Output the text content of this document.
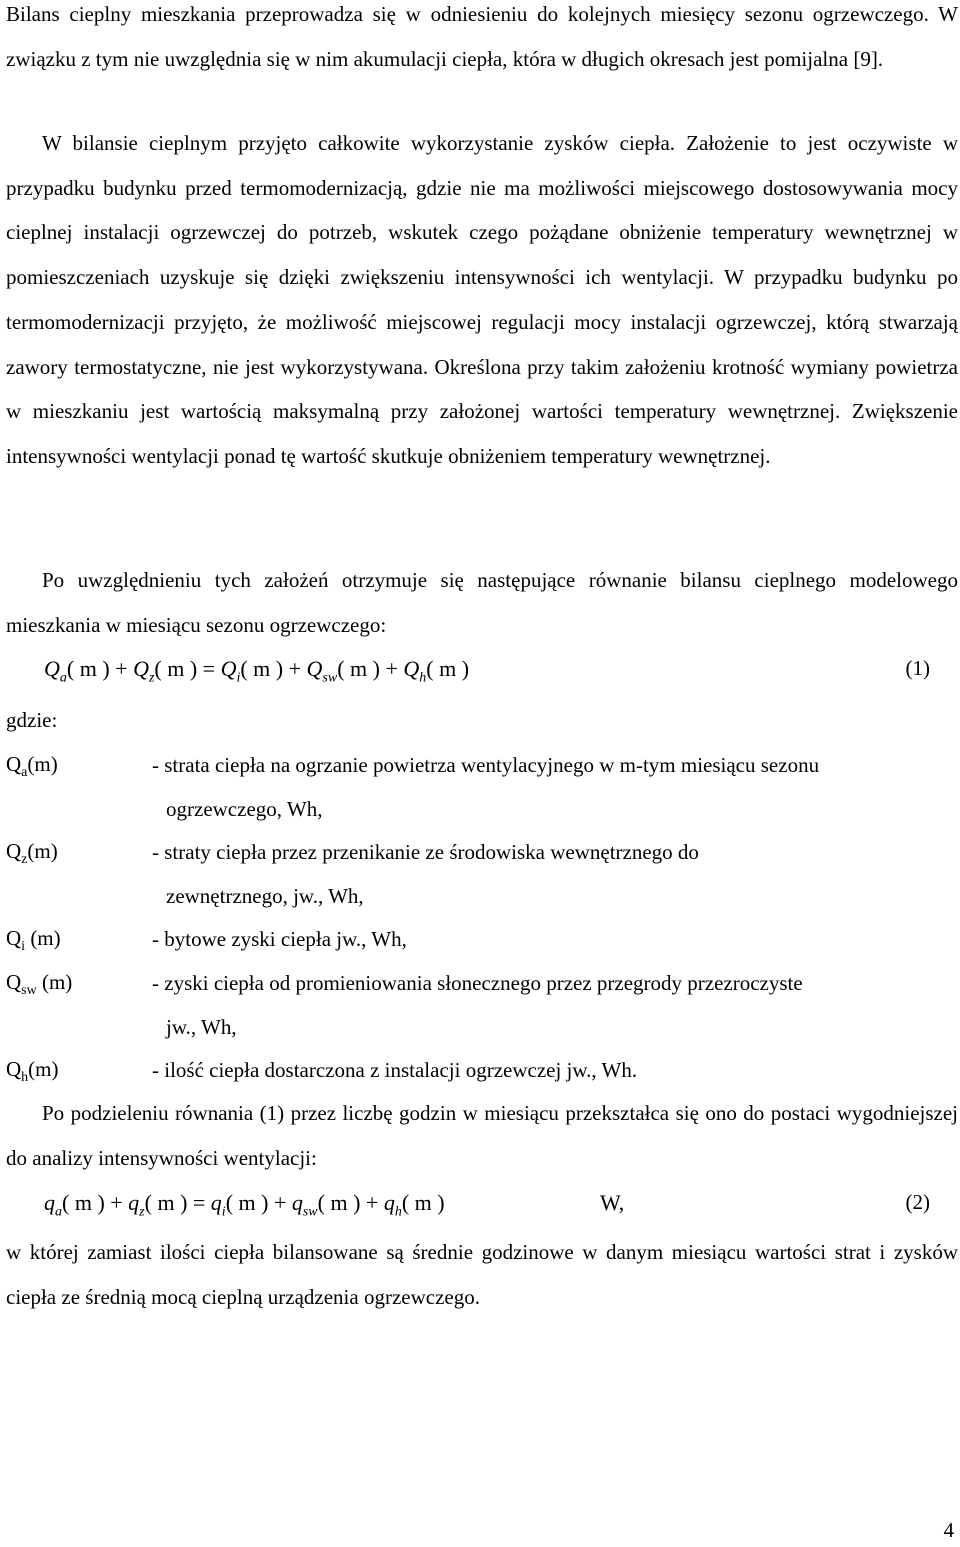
Bilans cieplny mieszkania przeprowadza się w odniesieniu do kolejnych miesięcy sezonu ogrzewczego. W związku z tym nie uwzględnia się w nim akumulacji ciepła, która w długich okresach jest pomijalna [9].

W bilansie cieplnym przyjęto całkowite wykorzystanie zysków ciepła. Założenie to jest oczywiste w przypadku budynku przed termomodernizacją, gdzie nie ma możliwości miejscowego dostosowywania mocy cieplnej instalacji ogrzewczej do potrzeb, wskutek czego pożądane obniżenie temperatury wewnętrznej w pomieszczeniach uzyskuje się dzięki zwiększeniu intensywności ich wentylacji. W przypadku budynku po termomodernizacji przyjęto, że możliwość miejscowej regulacji mocy instalacji ogrzewczej, którą stwarzają zawory termostatyczne, nie jest wykorzystywana. Określona przy takim założeniu krotność wymiany powietrza w mieszkaniu jest wartością maksymalną przy założonej wartości temperatury wewnętrznej. Zwiększenie intensywności wentylacji ponad tę wartość skutkuje obniżeniem temperatury wewnętrznej.

Po uwzględnieniu tych założeń otrzymuje się następujące równanie bilansu cieplnego modelowego mieszkania w miesiącu sezonu ogrzewczego:

$Q_a$( m ) + $Q_z$( m ) = $Q_i$( m ) + $Q_{sw}$( m ) + $Q_h$( m )	(1)
gdzie:
$Q_a(m)$	- strata ciepła na ogrzanie powietrza wentylacyjnego w m-tym miesiącu sezonu
ogrzewczego, Wh,
$Q_z(m)$	- straty ciepła przez przenikanie ze środowiska wewnętrznego do
zewnętrznego, jw., Wh,
$Q_i$ (m)	- bytowe zyski ciepła jw., Wh,
$Q_{sw}$ (m)	- zyski ciepła od promieniowania słonecznego przez przegrody przezroczyste
jw., Wh,
$Q_h(m)$	- ilość ciepła dostarczona z instalacji ogrzewczej jw., Wh.

Po podzieleniu równania (1) przez liczbę godzin w miesiącu przekształca się ono do postaci wygodniejszej do analizy intensywności wentylacji:

$q_a$( m ) + $q_z$( m ) = $q_i$( m ) + $q_{sw}$( m ) + $q_h$( m )	W,	(2)

w której zamiast ilości ciepła bilansowane są średnie godzinowe w danym miesiącu wartości strat i zysków ciepła ze średnią mocą cieplną urządzenia ogrzewczego.

4
